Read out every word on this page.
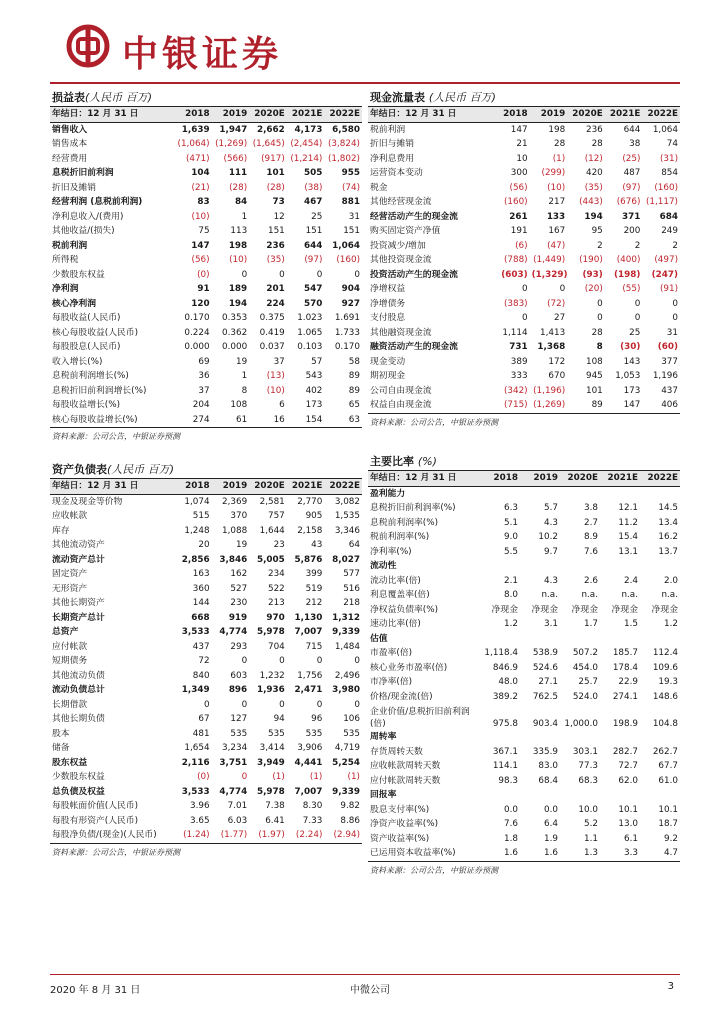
中银证券
损益表(人民币 百万)
年结日：12 月 31 日	2018	2019	2020E	2021E	2022E
销售收入	1,639	1,947	2,662	4,173	6,580
销售成本	(1,064)	(1,269)	(1,645)	(2,454)	(3,824)
经营费用	(471)	(566)	(917)	(1,214)	(1,802)
息税折旧前利润	104	111	101	505	955
折旧及摊销	(21)	(28)	(28)	(38)	(74)
经营利润 (息税前利润)	83	84	73	467	881
净利息收入/(费用)	(10)	1	12	25	31
其他收益/(损失)	75	113	151	151	151
税前利润	147	198	236	644	1,064
所得税	(56)	(10)	(35)	(97)	(160)
少数股东权益	(0)	0	0	0	0
净利润	91	189	201	547	904
核心净利润	120	194	224	570	927
每股收益(人民币)	0.170	0.353	0.375	1.023	1.691
核心每股收益(人民币)	0.224	0.362	0.419	1.065	1.733
每股股息(人民币)	0.000	0.000	0.037	0.103	0.170
收入增长(%)	69	19	37	57	58
息税前利润增长(%)	36	1	(13)	543	89
息税折旧前利润增长(%)	37	8	(10)	402	89
每股收益增长(%)	204	108	6	173	65
核心每股收益增长(%)	274	61	16	154	63
资料来源：公司公告，中银证券预测
资产负债表(人民币 百万)
年结日：12 月 31 日	2018	2019	2020E	2021E	2022E
现金及现金等价物	1,074	2,369	2,581	2,770	3,082
应收帐款	515	370	757	905	1,535
库存	1,248	1,088	1,644	2,158	3,346
其他流动资产	20	19	23	43	64
流动资产总计	2,856	3,846	5,005	5,876	8,027
固定资产	163	162	234	399	577
无形资产	360	527	522	519	516
其他长期资产	144	230	213	212	218
长期资产总计	668	919	970	1,130	1,312
总资产	3,533	4,774	5,978	7,007	9,339
应付帐款	437	293	704	715	1,484
短期债务	72	0	0	0	0
其他流动负债	840	603	1,232	1,756	2,496
流动负债总计	1,349	896	1,936	2,471	3,980
长期借款	0	0	0	0	0
其他长期负债	67	127	94	96	106
股本	481	535	535	535	535
储备	1,654	3,234	3,414	3,906	4,719
股东权益	2,116	3,751	3,949	4,441	5,254
少数股东权益	(0)	0	(1)	(1)	(1)
总负债及权益	3,533	4,774	5,978	7,007	9,339
每股帐面价值(人民币)	3.96	7.01	7.38	8.30	9.82
每股有形资产(人民币)	3.65	6.03	6.41	7.33	8.86
每股净负债/(现金)(人民币)	(1.24)	(1.77)	(1.97)	(2.24)	(2.94)
资料来源：公司公告，中银证券预测
现金流量表 (人民币 百万)
年结日：12 月 31 日	2018	2019	2020E	2021E	2022E
税前利润	147	198	236	644	1,064
折旧与摊销	21	28	28	38	74
净利息费用	10	(1)	(12)	(25)	(31)
运营资本变动	300	(299)	420	487	854
税金	(56)	(10)	(35)	(97)	(160)
其他经营现金流	(160)	217	(443)	(676)	(1,117)
经营活动产生的现金流	261	133	194	371	684
购买固定资产净值	191	167	95	200	249
投资减少/增加	(6)	(47)	2	2	2
其他投资现金流	(788)	(1,449)	(190)	(400)	(497)
投资活动产生的现金流	(603)	(1,329)	(93)	(198)	(247)
净增权益	0	0	(20)	(55)	(91)
净增债务	(383)	(72)	0	0	0
支付股息	0	27	0	0	0
其他融资现金流	1,114	1,413	28	25	31
融资活动产生的现金流	731	1,368	8	(30)	(60)
现金变动	389	172	108	143	377
期初现金	333	670	945	1,053	1,196
公司自由现金流	(342)	(1,196)	101	173	437
权益自由现金流	(715)	(1,269)	89	147	406
资料来源：公司公告，中银证券预测
主要比率 (%)
年结日：12 月 31 日	2018	2019	2020E	2021E	2022E
盈利能力					
息税折旧前利润率(%)	6.3	5.7	3.8	12.1	14.5
息税前利润率(%)	5.1	4.3	2.7	11.2	13.4
税前利润率(%)	9.0	10.2	8.9	15.4	16.2
净利率(%)	5.5	9.7	7.6	13.1	13.7
流动性					
流动比率(倍)	2.1	4.3	2.6	2.4	2.0
利息覆盖率(倍)	8.0	n.a.	n.a.	n.a.	n.a.
净权益负债率(%)	净现金	净现金	净现金	净现金	净现金
速动比率(倍)	1.2	3.1	1.7	1.5	1.2
估值					
市盈率(倍)	1,118.4	538.9	507.2	185.7	112.4
核心业务市盈率(倍)	846.9	524.6	454.0	178.4	109.6
市净率(倍)	48.0	27.1	25.7	22.9	19.3
价格/现金流(倍)	389.2	762.5	524.0	274.1	148.6
企业价值/息税折旧前利润(倍)	975.8	903.4	1,000.0	198.9	104.8
周转率					
存货周转天数	367.1	335.9	303.1	282.7	262.7
应收帐款周转天数	114.1	83.0	77.3	72.7	67.7
应付帐款周转天数	98.3	68.4	68.3	62.0	61.0
回报率					
股息支付率(%)	0.0	0.0	10.0	10.1	10.1
净资产收益率(%)	7.6	6.4	5.2	13.0	18.7
资产收益率(%)	1.8	1.9	1.1	6.1	9.2
已运用资本收益率(%)	1.6	1.6	1.3	3.3	4.7
资料来源：公司公告，中银证券预测
2020 年 8 月 31 日	中微公司	3
